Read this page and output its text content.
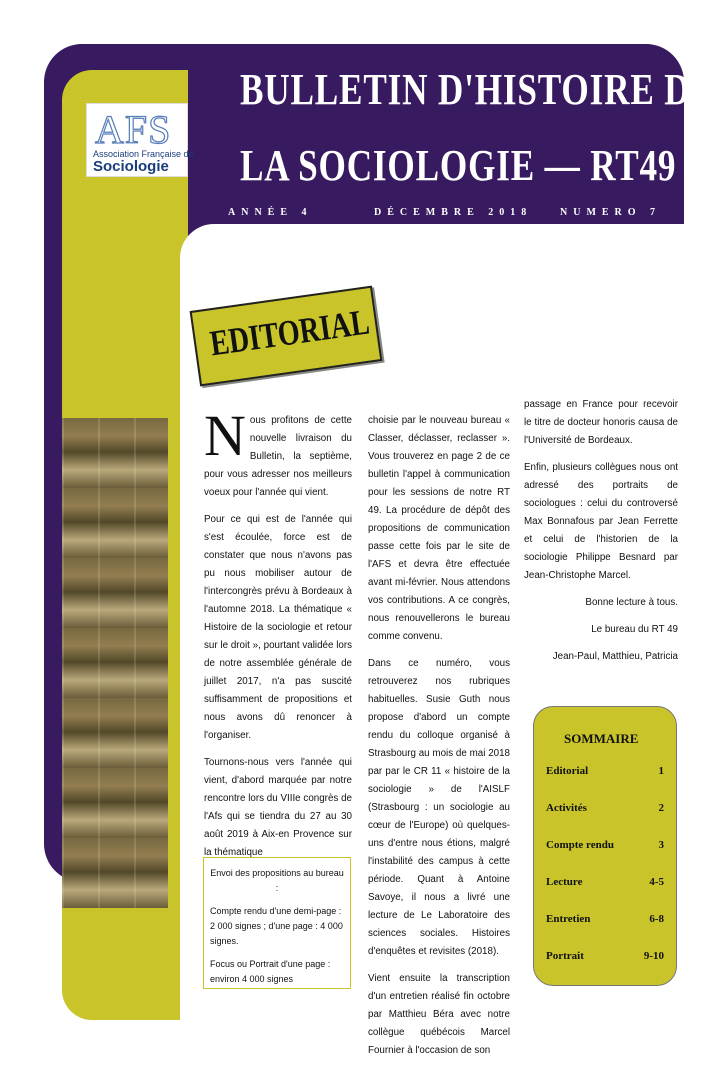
AFS
Association Française de
Sociologie
BULLETIN D'HISTOIRE DE
LA SOCIOLOGIE — RT49
ANNÉE 4	DÉCEMBRE 2018	NUMERO 7
EDITORIAL

Nous profitons de cette nouvelle livraison du Bulletin, la septième, pour vous adresser nos meilleurs voeux pour l'année qui vient.

Pour ce qui est de l'année qui s'est écoulée, force est de constater que nous n'avons pas pu nous mobiliser autour de l'intercongrès prévu à Bordeaux à l'automne 2018. La thématique « Histoire de la sociologie et retour sur le droit », pourtant validée lors de notre assemblée générale de juillet 2017, n'a pas suscité suffisamment de propositions et nous avons dû renoncer à l'organiser.

Tournons-nous vers l'année qui vient, d'abord marquée par notre rencontre lors du VIIIe congrès de l'Afs qui se tiendra du 27 au 30 août 2019 à Aix-en Provence sur la thématique

choisie par le nouveau bureau « Classer, déclasser, reclasser ». Vous trouverez en page 2 de ce bulletin l'appel à communication pour les sessions de notre RT 49. La procédure de dépôt des propositions de communication passe cette fois par le site de l'AFS et devra être effectuée avant mi-février. Nous attendons vos contributions. A ce congrès, nous renouvellerons le bureau comme convenu.

Dans ce numéro, vous retrouverez nos rubriques habituelles. Susie Guth nous propose d'abord un compte rendu du colloque organisé à Strasbourg au mois de mai 2018 par par le CR 11 « histoire de la sociologie » de l'AISLF (Strasbourg : un sociologie au cœur de l'Europe) où quelques-uns d'entre nous étions, malgré l'instabilité des campus à cette période. Quant à Antoine Savoye, il nous a livré une lecture de Le Laboratoire des sciences sociales. Histoires d'enquêtes et revisites (2018).

Vient ensuite la transcription d'un entretien réalisé fin octobre par Matthieu Béra avec notre collègue québécois Marcel Fournier à l'occasion de son

passage en France pour recevoir le titre de docteur honoris causa de l'Université de Bordeaux.

Enfin, plusieurs collègues nous ont adressé des portraits de sociologues : celui du controversé Max Bonnafous par Jean Ferrette et celui de l'historien de la sociologie Philippe Besnard par Jean-Christophe Marcel.

Bonne lecture à tous.

Le bureau du RT 49

Jean-Paul, Matthieu, Patricia

Envoi des propositions au bureau :

Compte rendu d'une demi-page : 2 000 signes ; d'une page : 4 000 signes.

Focus ou Portrait d'une page : environ 4 000 signes

SOMMAIRE
Editorial	1
Activités	2
Compte rendu	3
Lecture	4-5
Entretien	6-8
Portrait	9-10
